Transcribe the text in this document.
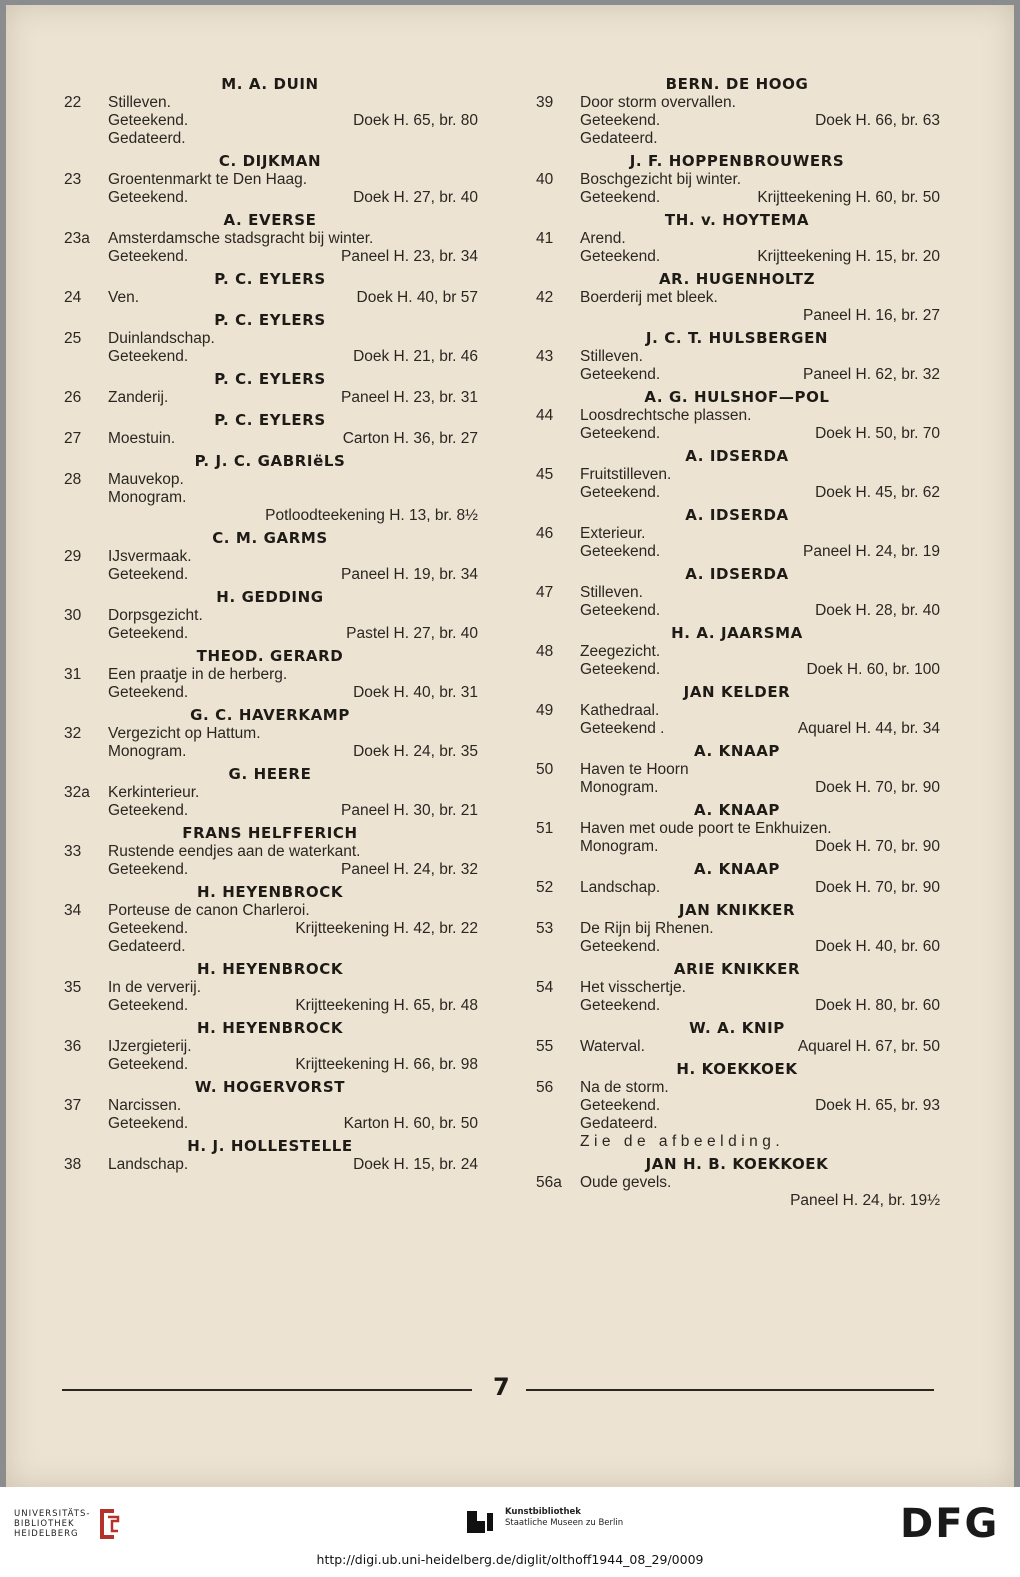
M. A. DUIN
22	Stilleven.
Geteekend.	Doek H. 65, br. 80
Gedateerd.
C. DIJKMAN
23	Groentenmarkt te Den Haag.
Geteekend.	Doek H. 27, br. 40
A. EVERSE
23a	Amsterdamsche stadsgracht bij winter.
Geteekend.	Paneel H. 23, br. 34
P. C. EYLERS
24	Ven.	Doek H. 40, br 57
P. C. EYLERS
25	Duinlandschap.
Geteekend.	Doek H. 21, br. 46
P. C. EYLERS
26	Zanderij.	Paneel H. 23, br. 31
P. C. EYLERS
27	Moestuin.	Carton H. 36, br. 27
P. J. C. GABRIëLS
28	Mauvekop.
Monogram.
Potloodteekening H. 13, br. 8½
C. M. GARMS
29	IJsvermaak.
Geteekend.	Paneel H. 19, br. 34
H. GEDDING
30	Dorpsgezicht.
Geteekend.	Pastel H. 27, br. 40
THEOD. GERARD
31	Een praatje in de herberg.
Geteekend.	Doek H. 40, br. 31
G. C. HAVERKAMP
32	Vergezicht op Hattum.
Monogram.	Doek H. 24, br. 35
G. HEERE
32a	Kerkinterieur.
Geteekend.	Paneel H. 30, br. 21
FRANS HELFFERICH
33	Rustende eendjes aan de waterkant.
Geteekend.	Paneel H. 24, br. 32
H. HEYENBROCK
34	Porteuse de canon Charleroi.
Geteekend.	Krijtteekening H. 42, br. 22
Gedateerd.
H. HEYENBROCK
35	In de ververij.
Geteekend.	Krijtteekening H. 65, br. 48
H. HEYENBROCK
36	IJzergieterij.
Geteekend.	Krijtteekening H. 66, br. 98
W. HOGERVORST
37	Narcissen.
Geteekend.	Karton H. 60, br. 50
H. J. HOLLESTELLE
38	Landschap.	Doek H. 15, br. 24
BERN. DE HOOG
39	Door storm overvallen.
Geteekend.	Doek H. 66, br. 63
Gedateerd.
J. F. HOPPENBROUWERS
40	Boschgezicht bij winter.
Geteekend.	Krijtteekening H. 60, br. 50
TH. v. HOYTEMA
41	Arend.
Geteekend.	Krijtteekening H. 15, br. 20
AR. HUGENHOLTZ
42	Boerderij met bleek.
Paneel H. 16, br. 27
J. C. T. HULSBERGEN
43	Stilleven.
Geteekend.	Paneel H. 62, br. 32
A. G. HULSHOF—POL
44	Loosdrechtsche plassen.
Geteekend.	Doek H. 50, br. 70
A. IDSERDA
45	Fruitstilleven.
Geteekend.	Doek H. 45, br. 62
A. IDSERDA
46	Exterieur.
Geteekend.	Paneel H. 24, br. 19
A. IDSERDA
47	Stilleven.
Geteekend.	Doek H. 28, br. 40
H. A. JAARSMA
48	Zeegezicht.
Geteekend.	Doek H. 60, br. 100
JAN KELDER
49	Kathedraal.
Geteekend .	Aquarel H. 44, br. 34
A. KNAAP
50	Haven te Hoorn
Monogram.	Doek H. 70, br. 90
A. KNAAP
51	Haven met oude poort te Enkhuizen.
Monogram.	Doek H. 70, br. 90
A. KNAAP
52	Landschap.	Doek H. 70, br. 90
JAN KNIKKER
53	De Rijn bij Rhenen.
Geteekend.	Doek H. 40, br. 60
ARIE KNIKKER
54	Het visschertje.
Geteekend.	Doek H. 80, br. 60
W. A. KNIP
55	Waterval.	Aquarel H. 67, br. 50
H. KOEKKOEK
56	Na de storm.
Geteekend.	Doek H. 65, br. 93
Gedateerd.
Zie de afbeelding.
JAN H. B. KOEKKOEK
56a	Oude gevels.
Paneel H. 24, br. 19½
7
UNIVERSITÄTS-
BIBLIOTHEK
HEIDELBERG
Kunstbibliothek
Staatliche Museen zu Berlin	DFG
http://digi.ub.uni-heidelberg.de/diglit/olthoff1944_08_29/0009
